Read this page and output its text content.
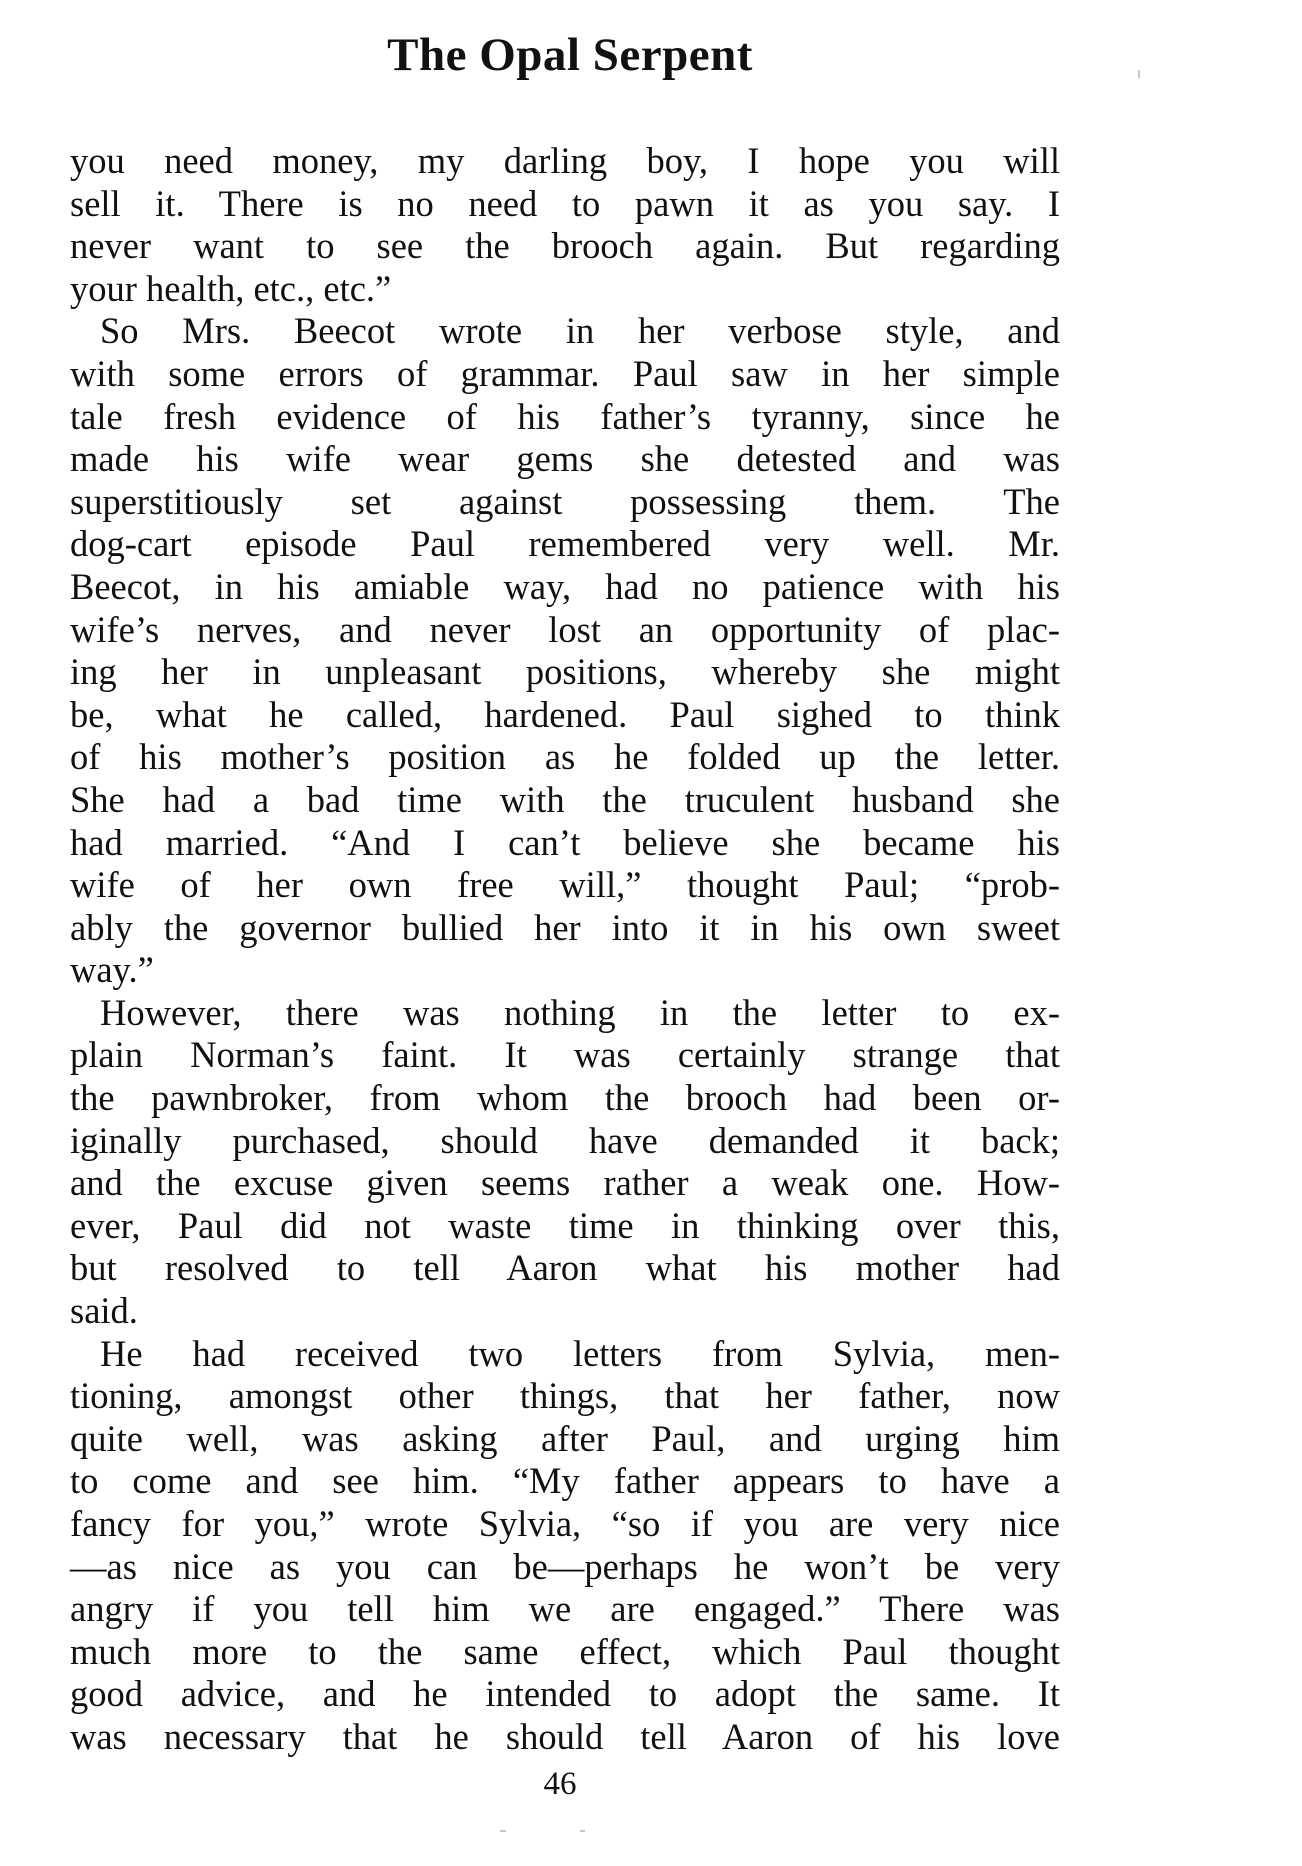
The Opal Serpent
you need money, my darling boy, I hope you will
sell it. There is no need to pawn it as you say. I
never want to see the brooch again. But regarding
your health, etc., etc.”
So Mrs. Beecot wrote in her verbose style, and
with some errors of grammar. Paul saw in her simple
tale fresh evidence of his father’s tyranny, since he
made his wife wear gems she detested and was
superstitiously set against possessing them. The
dog-cart episode Paul remembered very well. Mr.
Beecot, in his amiable way, had no patience with his
wife’s nerves, and never lost an opportunity of plac-
ing her in unpleasant positions, whereby she might
be, what he called, hardened. Paul sighed to think
of his mother’s position as he folded up the letter.
She had a bad time with the truculent husband she
had married. “And I can’t believe she became his
wife of her own free will,” thought Paul; “prob-
ably the governor bullied her into it in his own sweet
way.”
However, there was nothing in the letter to ex-
plain Norman’s faint. It was certainly strange that
the pawnbroker, from whom the brooch had been or-
iginally purchased, should have demanded it back;
and the excuse given seems rather a weak one. How-
ever, Paul did not waste time in thinking over this,
but resolved to tell Aaron what his mother had
said.
He had received two letters from Sylvia, men-
tioning, amongst other things, that her father, now
quite well, was asking after Paul, and urging him
to come and see him. “My father appears to have a
fancy for you,” wrote Sylvia, “so if you are very nice
—as nice as you can be—perhaps he won’t be very
angry if you tell him we are engaged.” There was
much more to the same effect, which Paul thought
good advice, and he intended to adopt the same. It
was necessary that he should tell Aaron of his love
46
